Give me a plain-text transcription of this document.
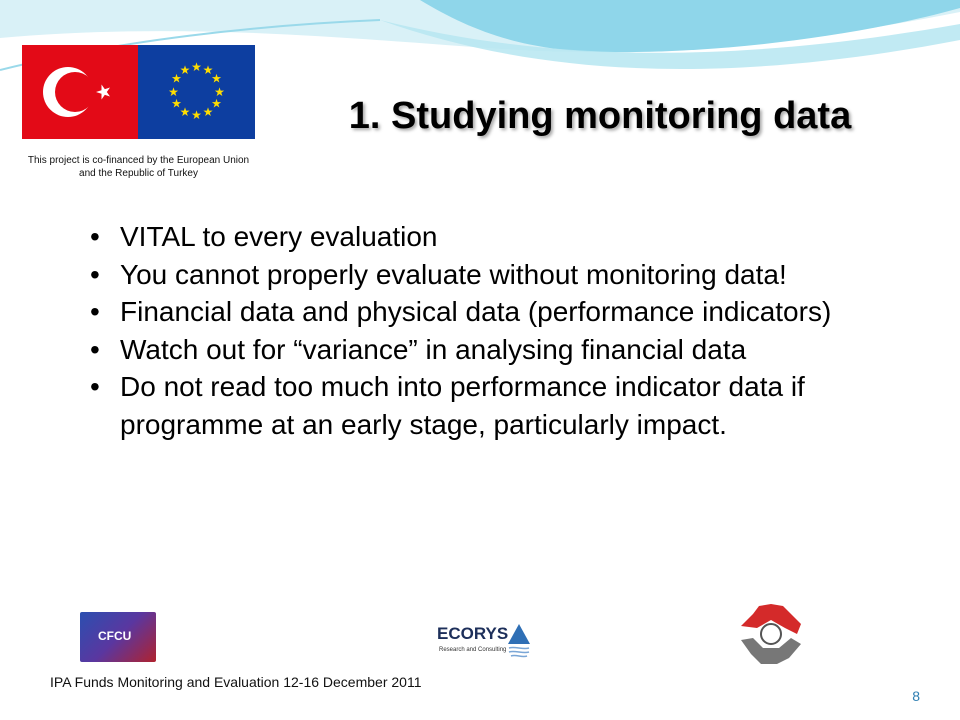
★ ★
★
★
★
★
★
★
★
★
★
★
This project is co-financed by the European Union and the Republic of Turkey
1. Studying monitoring data
• VITAL to every evaluation
• You cannot properly evaluate without monitoring data!
• Financial data and physical data (performance indicators)
• Watch out for “variance” in analysing financial data
• Do not read too much into performance indicator data if programme at an early stage, particularly impact.
CFCU	ECORYS
Research and Consulting
IPA Funds Monitoring and Evaluation 12-16 December 2011
8
